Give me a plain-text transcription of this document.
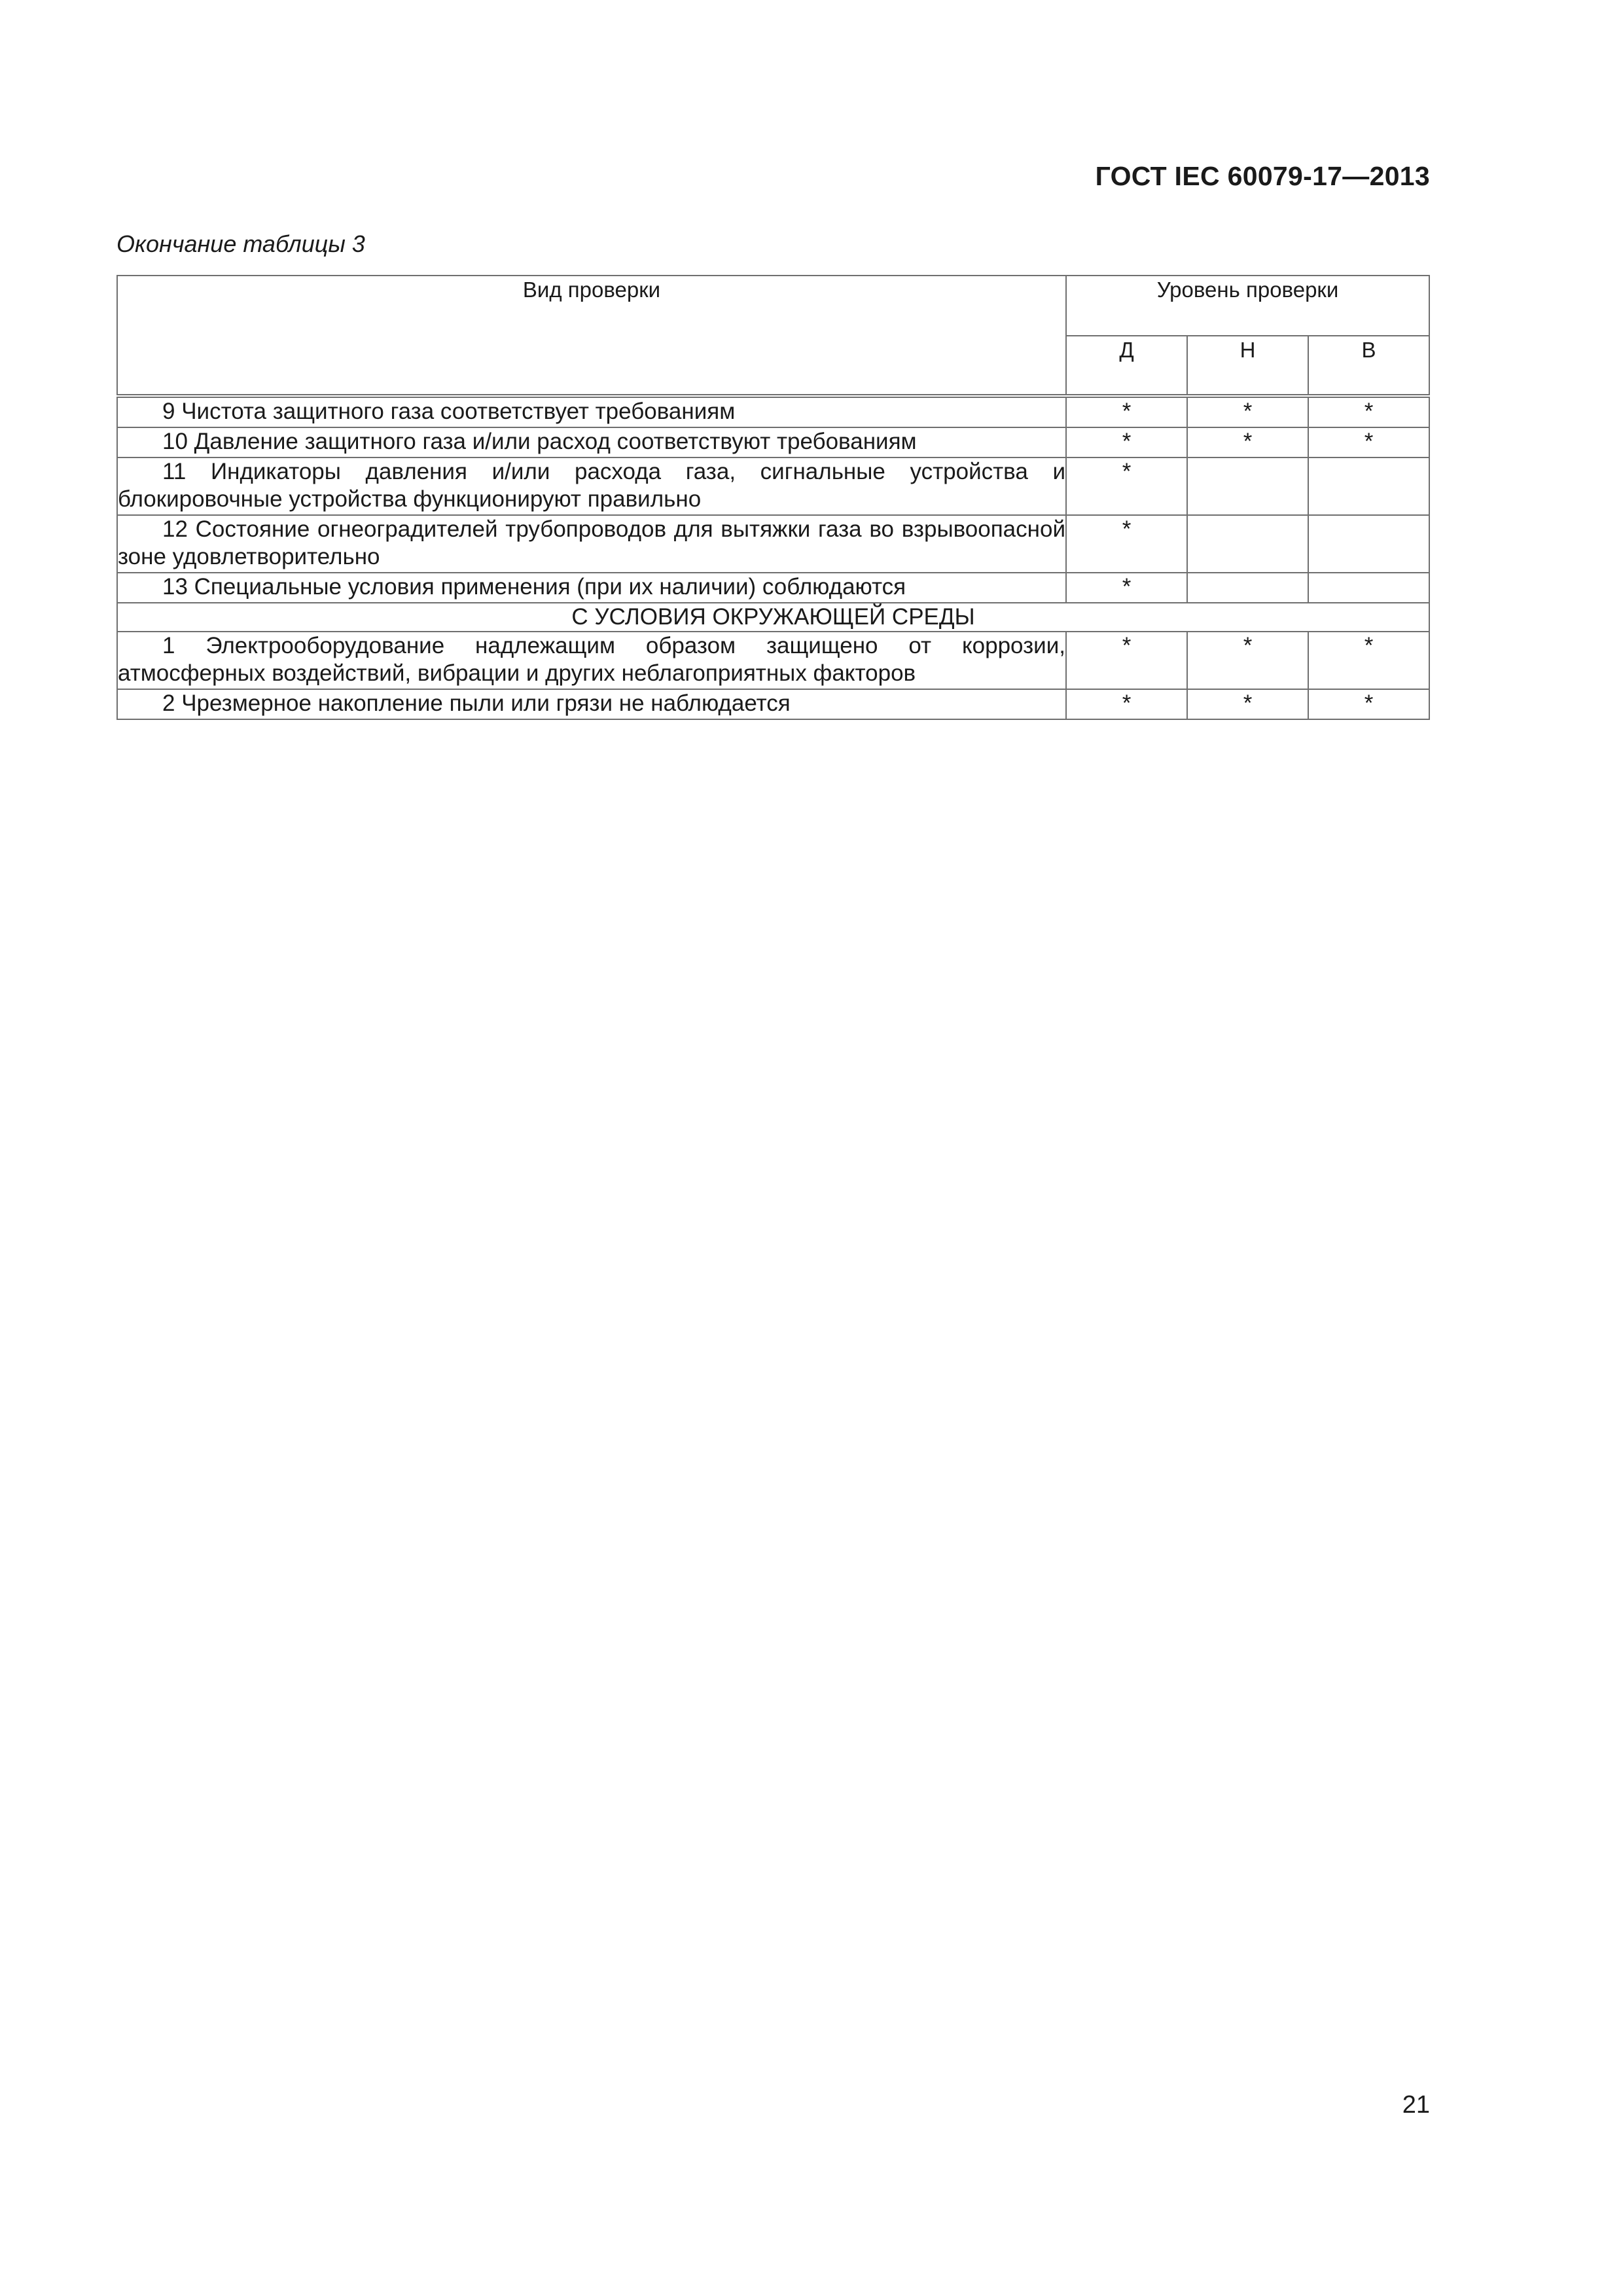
ГОСТ IEC 60079-17—2013
Окончание таблицы 3
Вид проверки	Уровень проверки		
	Д	Н	В
9 Чистота защитного газа соответствует требованиям	*	*	*
10 Давление защитного газа и/или расход соответствуют требованиям	*	*	*
11 Индикаторы давления и/или расхода газа, сигнальные устройства и блокировочные устройства функционируют правильно	*		
12 Состояние огнеоградителей трубопроводов для вытяжки газа во взрывоопасной зоне удовлетворительно	*		
13 Специальные условия применения (при их наличии) соблюдаются	*		
С УСЛОВИЯ ОКРУЖАЮЩЕЙ СРЕДЫ			
1 Электрооборудование надлежащим образом защищено от коррозии, атмосферных воздействий, вибрации и других неблагоприятных факторов	*	*	*
2 Чрезмерное накопление пыли или грязи не наблюдается	*	*	*
21
